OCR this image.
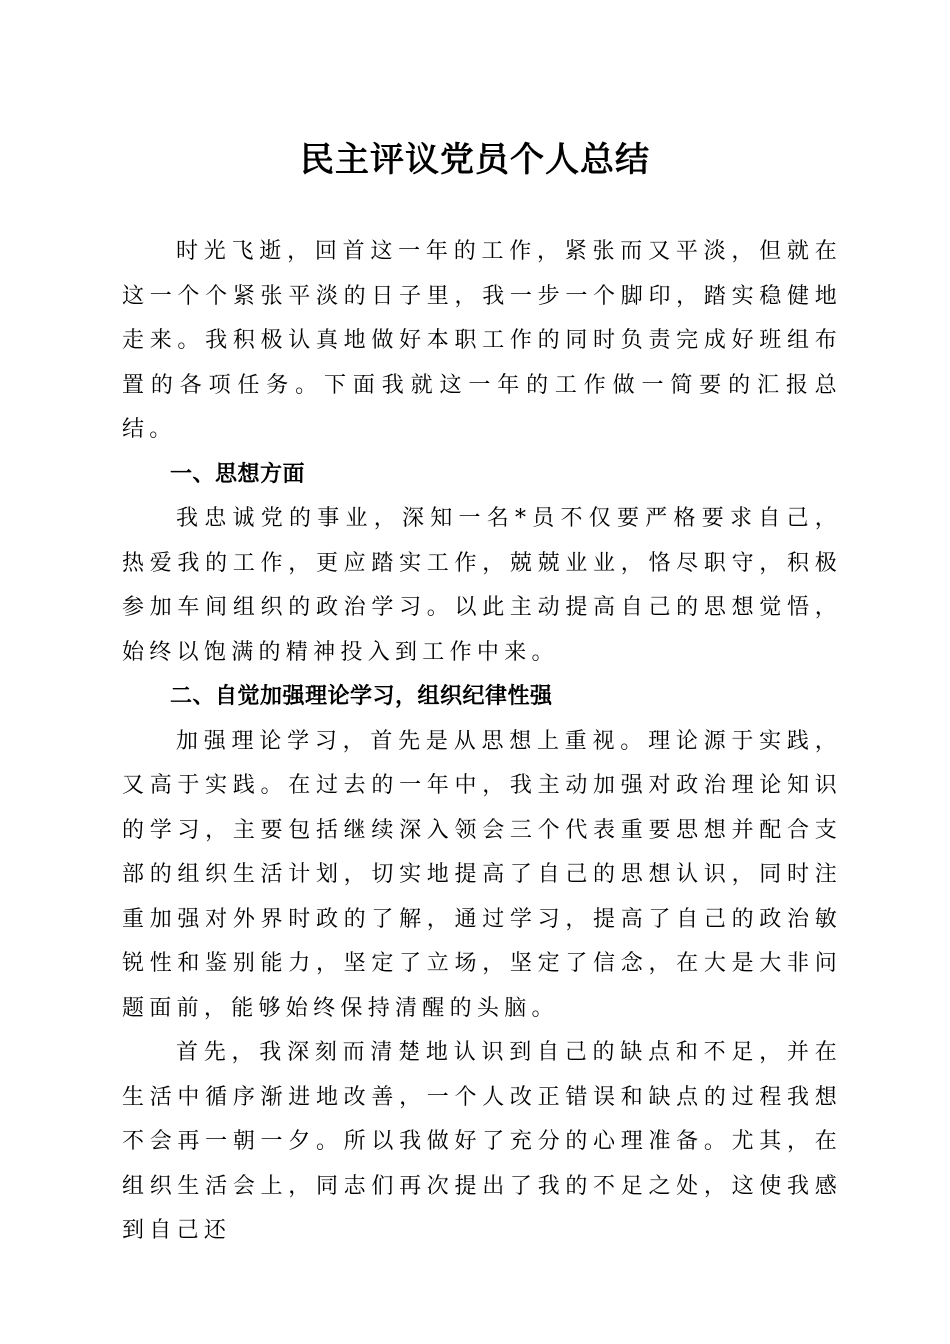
民主评议党员个人总结

时光飞逝，回首这一年的工作，紧张而又平淡，但就在这一个个紧张平淡的日子里，我一步一个脚印，踏实稳健地走来。我积极认真地做好本职工作的同时负责完成好班组布置的各项任务。下面我就这一年的工作做一简要的汇报总结。

一、思想方面

我忠诚党的事业，深知一名*员不仅要严格要求自己，热爱我的工作，更应踏实工作，兢兢业业，恪尽职守，积极参加车间组织的政治学习。以此主动提高自己的思想觉悟，始终以饱满的精神投入到工作中来。

二、自觉加强理论学习，组织纪律性强

加强理论学习，首先是从思想上重视。理论源于实践，又高于实践。在过去的一年中，我主动加强对政治理论知识的学习，主要包括继续深入领会三个代表重要思想并配合支部的组织生活计划，切实地提高了自己的思想认识，同时注重加强对外界时政的了解，通过学习，提高了自己的政治敏锐性和鉴别能力，坚定了立场，坚定了信念，在大是大非问题面前，能够始终保持清醒的头脑。

首先，我深刻而清楚地认识到自己的缺点和不足，并在生活中循序渐进地改善，一个人改正错误和缺点的过程我想不会再一朝一夕。所以我做好了充分的心理准备。尤其，在组织生活会上，同志们再次提出了我的不足之处，这使我感到自己还
